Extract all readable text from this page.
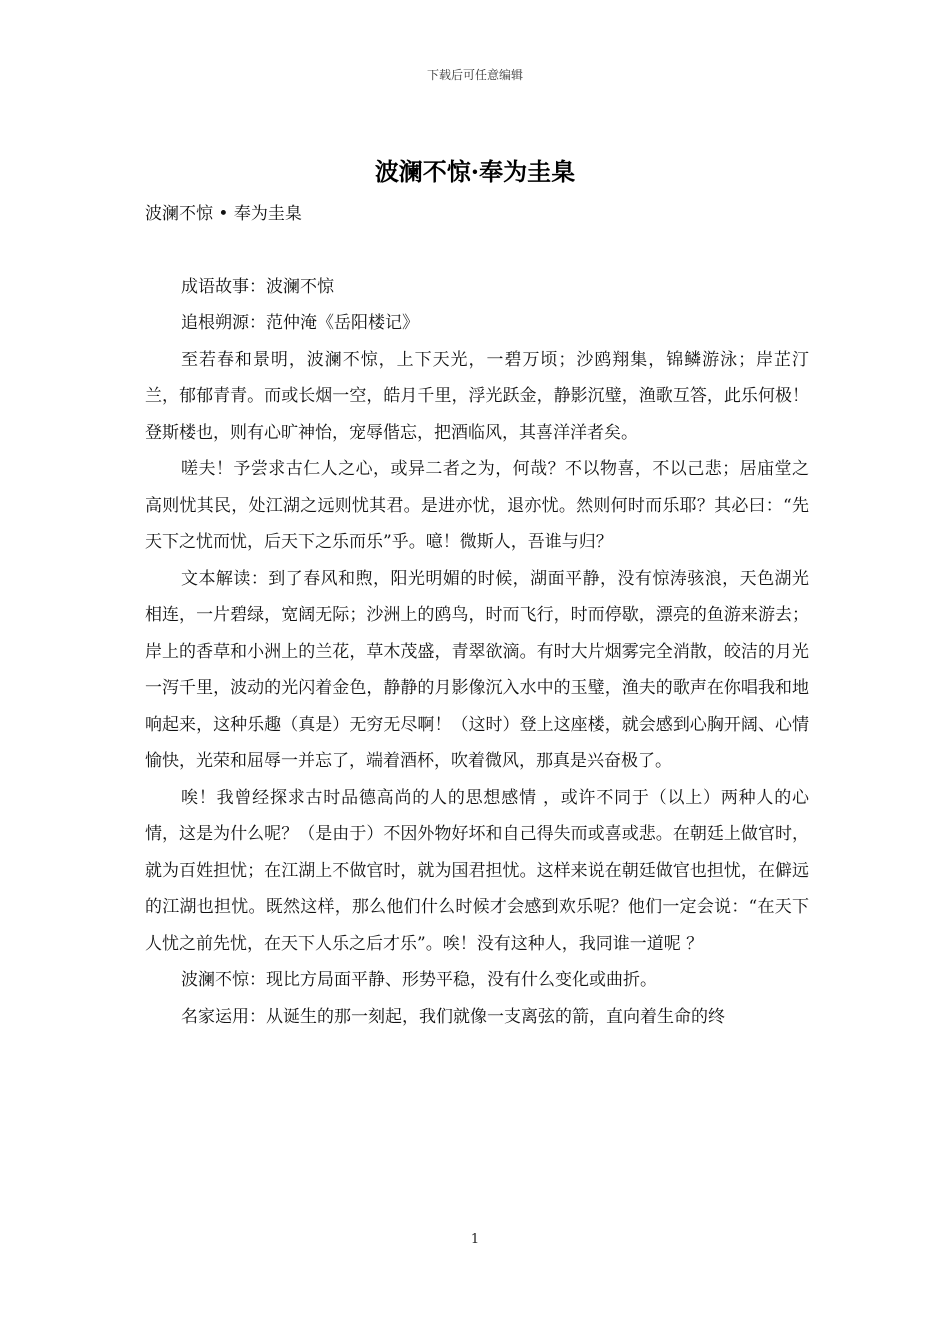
下载后可任意编辑
波澜不惊·奉为圭臬

波澜不惊 • 奉为圭臬

成语故事：波澜不惊

追根朔源：范仲淹《岳阳楼记》

至若春和景明，波澜不惊，上下天光，一碧万顷；沙鸥翔集，锦鳞游泳；岸芷汀兰，郁郁青青。而或长烟一空，皓月千里，浮光跃金，静影沉璧，渔歌互答，此乐何极！登斯楼也，则有心旷神怡，宠辱偕忘，把酒临风，其喜洋洋者矣。

嗟夫！予尝求古仁人之心，或异二者之为，何哉？不以物喜，不以己悲；居庙堂之高则忧其民，处江湖之远则忧其君。是进亦忧，退亦忧。然则何时而乐耶？其必曰：“先天下之忧而忧，后天下之乐而乐”乎。噫！微斯人，吾谁与归？

文本解读：到了春风和煦，阳光明媚的时候，湖面平静，没有惊涛骇浪，天色湖光相连，一片碧绿，宽阔无际；沙洲上的鸥鸟，时而飞行，时而停歇，漂亮的鱼游来游去；岸上的香草和小洲上的兰花，草木茂盛，青翠欲滴。有时大片烟雾完全消散，皎洁的月光一泻千里，波动的光闪着金色，静静的月影像沉入水中的玉璧，渔夫的歌声在你唱我和地响起来，这种乐趣（真是）无穷无尽啊！（这时）登上这座楼，就会感到心胸开阔、心情愉快，光荣和屈辱一并忘了，端着酒杯，吹着微风，那真是兴奋极了。

唉！我曾经探求古时品德高尚的人的思想感情 ，或许不同于（以上）两种人的心情，这是为什么呢？（是由于）不因外物好坏和自己得失而或喜或悲。在朝廷上做官时，就为百姓担忧；在江湖上不做官时，就为国君担忧。这样来说在朝廷做官也担忧，在僻远的江湖也担忧。既然这样，那么他们什么时候才会感到欢乐呢？他们一定会说：“在天下人忧之前先忧，在天下人乐之后才乐”。唉！没有这种人，我同谁一道呢 ？

波澜不惊：现比方局面平静、形势平稳，没有什么变化或曲折。

名家运用：从诞生的那一刻起，我们就像一支离弦的箭，直向着生命的终

1
